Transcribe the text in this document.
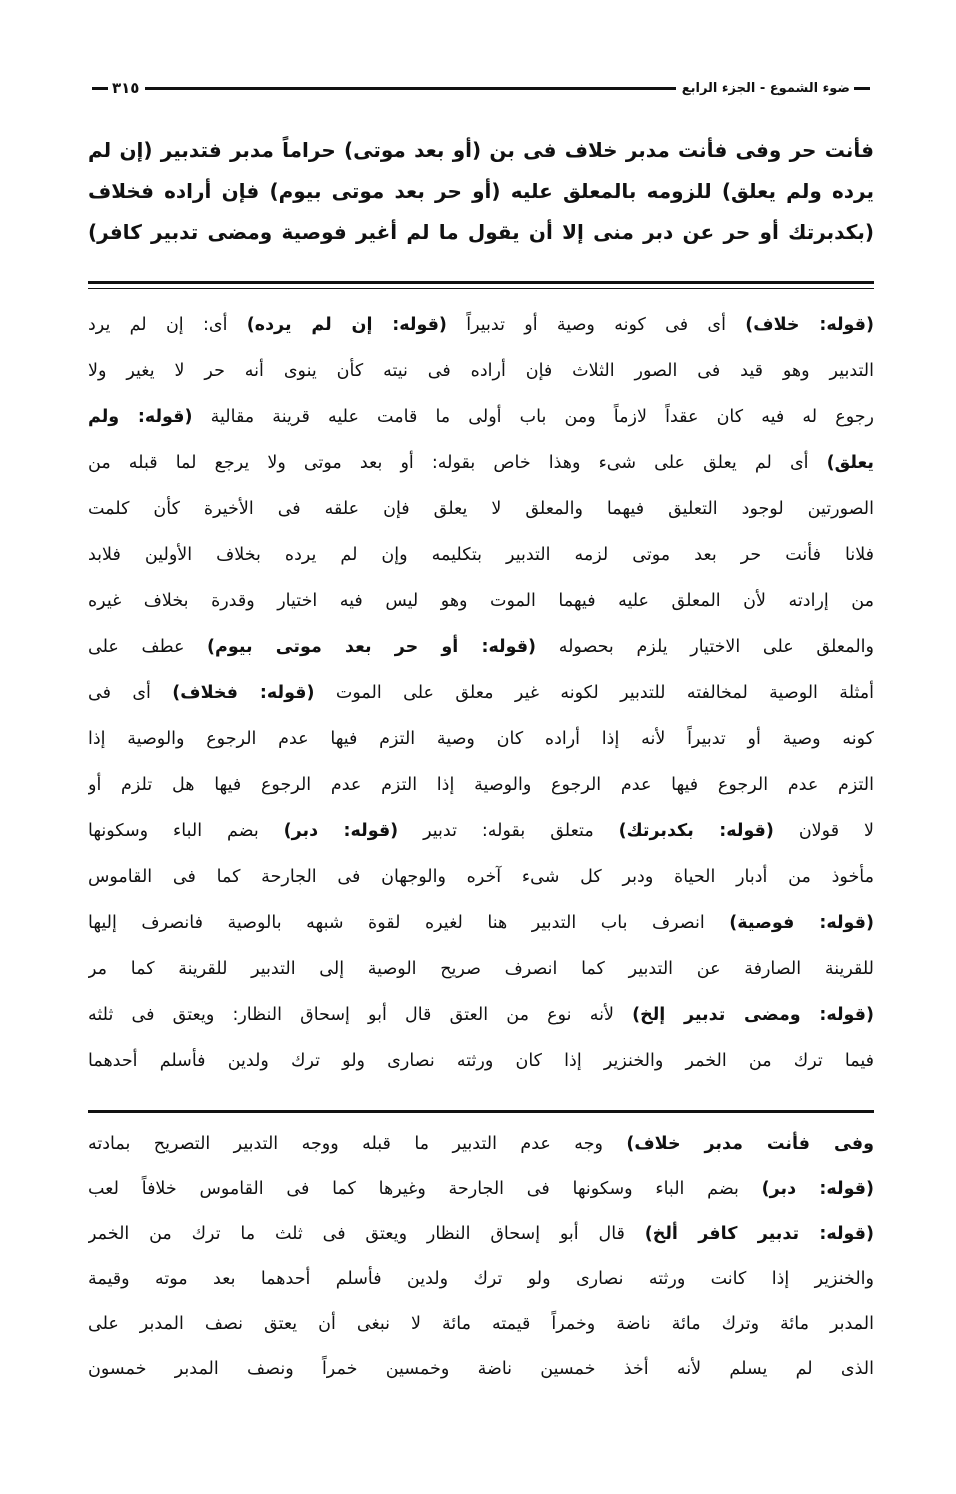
ضوء الشموع - الجزء الرابع
٣١٥
فأنت حر وفى فأنت مدبر خلاف فى بن (أو بعد موتى) حراماً مدبر فتدبير (إن لم
يرده ولم يعلق) للزومه بالمعلق عليه (أو حر بعد موتى بيوم) فإن أراده فخلاف
(بكدبرتك أو حر عن دبر منى إلا أن يقول ما لم أغير فوصية ومضى تدبير كافر)
(قوله: خلاف) أى فى كونه وصية أو تدبيراً (قوله: إن لم يرده) أى: إن لم يرد
التدبير وهو قيد فى الصور الثلاث فإن أراده فى نيته كأن ينوى أنه حر لا يغير ولا
رجوع له فيه كان عقداً لازماً ومن باب أولى ما قامت عليه قرينة مقالية (قوله: ولم
يعلق) أى لم يعلق على شىء وهذا خاص بقوله: أو بعد موتى ولا يرجع لما قبله من
الصورتين لوجود التعليق فيهما والمعلق لا يعلق فإن علقه فى الأخيرة كأن كلمت
فلانا فأنت حر بعد موتى لزمه التدبير بتكليمه وإن لم يرده بخلاف الأولين فلابد
من إرادته لأن المعلق عليه فيهما الموت وهو ليس فيه اختيار وقدرة بخلاف غيره
والمعلق على الاختيار يلزم بحصوله (قوله: أو حر بعد موتى بيوم) عطف على
أمثلة الوصية لمخالفته للتدبير لكونه غير معلق على الموت (قوله: فخلاف) أى فى
كونه وصية أو تدبيراً لأنه إذا أراده كان وصية التزم فيها عدم الرجوع والوصية إذا
التزم عدم الرجوع فيها عدم الرجوع والوصية إذا التزم عدم الرجوع فيها هل تلزم أو
لا قولان (قوله: بكدبرتك) متعلق بقوله: تدبير (قوله: دبر) بضم الباء وسكونها
مأخوذ من أدبار الحياة ودبر كل شىء آخره والوجهان فى الجارحة كما فى القاموس
(قوله: فوصية) انصرف باب التدبير هنا لغيره لقوة شبهه بالوصية فانصرف إليها
للقرينة الصارفة عن التدبير كما انصرف صريح الوصية إلى التدبير للقرينة كما مر
(قوله: ومضى تدبير إلخ) لأنه نوع من العتق قال أبو إسحاق النظار: ويعتق فى ثلثه
فيما ترك من الخمر والخنزير إذا كان ورثته نصارى ولو ترك ولدين فأسلم أحدهما
وفى فأنت مدبر خلاف) وجه عدم التدبير ما قبله ووجه التدبير التصريح بمادته
(قوله: دبر) بضم الباء وسكونها فى الجارحة وغيرها كما فى القاموس خلافاً لعب
(قوله: تدبير كافر ألخ) قال أبو إسحاق النظار ويعتق فى ثلث ما ترك من الخمر
والخنزير إذا كانت ورثته نصارى ولو ترك ولدين فأسلم أحدهما بعد موته وقيمة
المدبر مائة وترك مائة ناضة وخمراً قيمته مائة لا نبغى أن يعتق نصف المدبر على
الذى لم يسلم لأنه أخذ خمسين ناضة وخمسين خمراً ونصف المدبر خمسون
